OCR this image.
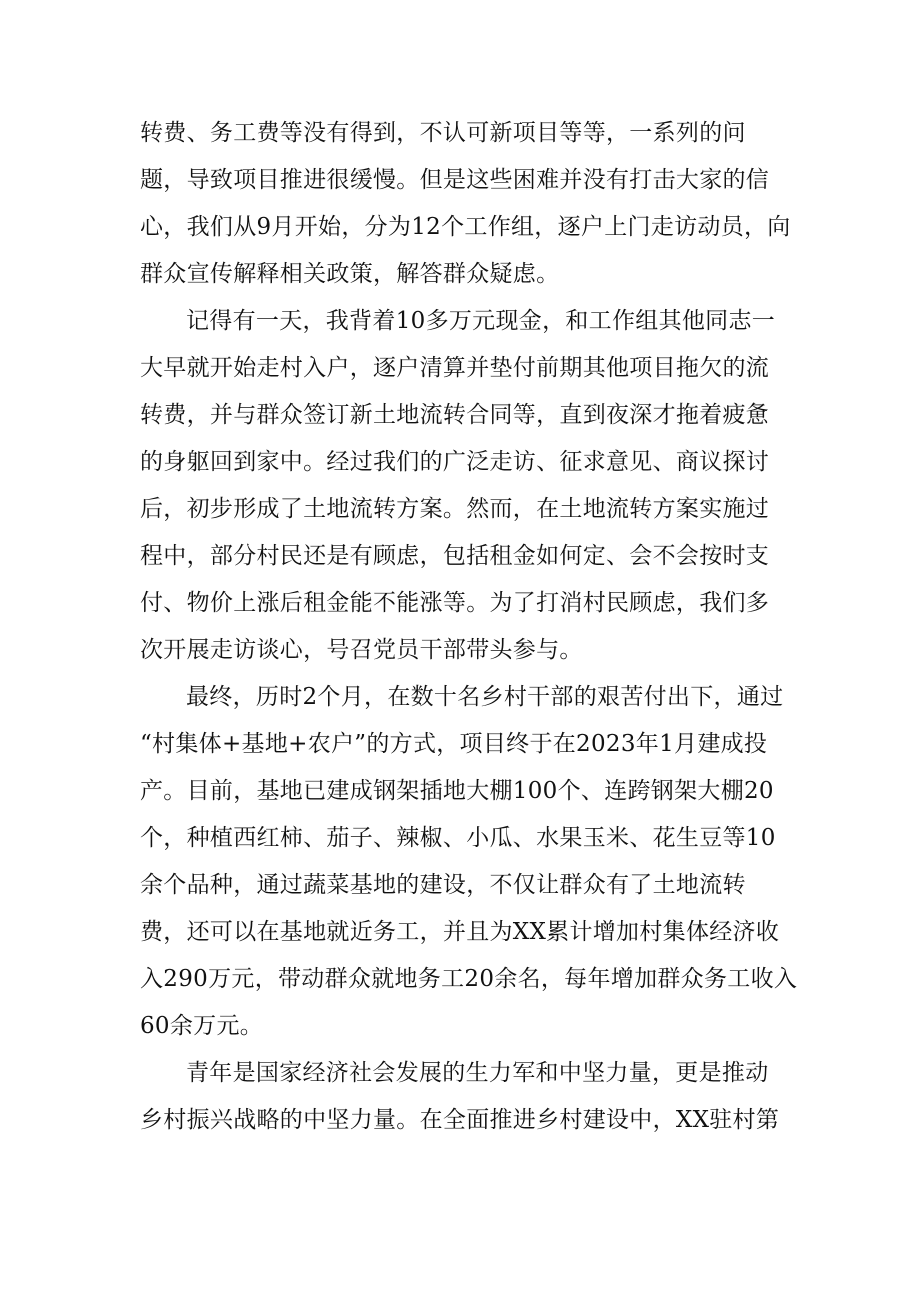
转费、务工费等没有得到，不认可新项目等等，一系列的问
题，导致项目推进很缓慢。但是这些困难并没有打击大家的信
心，我们从9月开始，分为12个工作组，逐户上门走访动员，向
群众宣传解释相关政策，解答群众疑虑。
记得有一天，我背着10多万元现金，和工作组其他同志一
大早就开始走村入户，逐户清算并垫付前期其他项目拖欠的流
转费，并与群众签订新土地流转合同等，直到夜深才拖着疲惫
的身躯回到家中。经过我们的广泛走访、征求意见、商议探讨
后，初步形成了土地流转方案。然而，在土地流转方案实施过
程中，部分村民还是有顾虑，包括租金如何定、会不会按时支
付、物价上涨后租金能不能涨等。为了打消村民顾虑，我们多
次开展走访谈心，号召党员干部带头参与。
最终，历时2个月，在数十名乡村干部的艰苦付出下，通过
“村集体+基地+农户”的方式，项目终于在2023年1月建成投
产。目前，基地已建成钢架插地大棚100个、连跨钢架大棚20
个，种植西红柿、茄子、辣椒、小瓜、水果玉米、花生豆等10
余个品种，通过蔬菜基地的建设，不仅让群众有了土地流转
费，还可以在基地就近务工，并且为XX累计增加村集体经济收
入290万元，带动群众就地务工20余名，每年增加群众务工收入
60余万元。
青年是国家经济社会发展的生力军和中坚力量，更是推动
乡村振兴战略的中坚力量。在全面推进乡村建设中，XX驻村第
